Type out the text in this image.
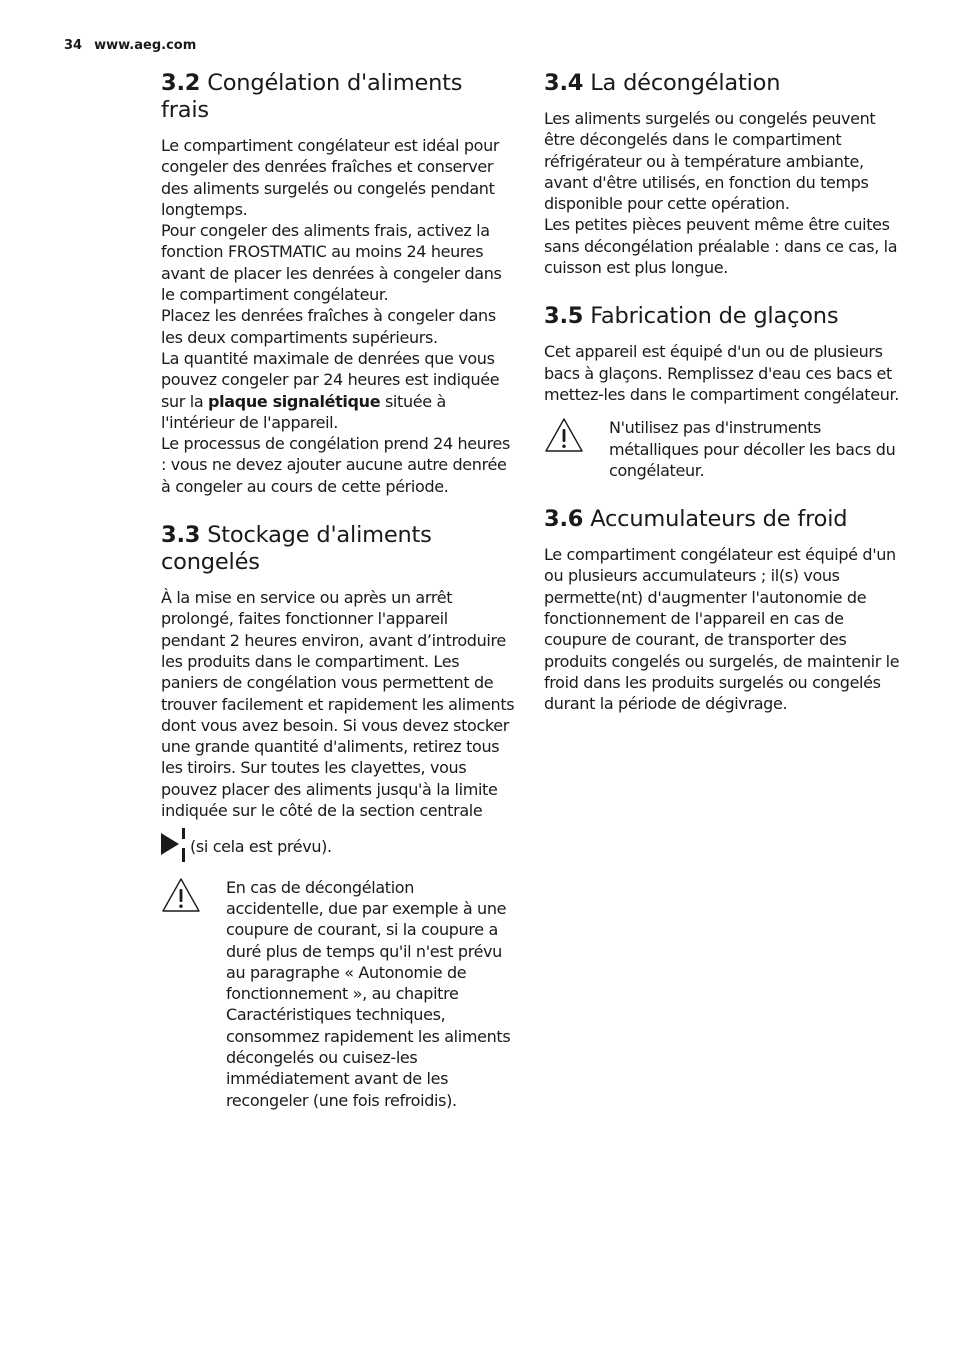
34 www.aeg.com
3.2 Congélation d'aliments frais

Le compartiment congélateur est idéal pour congeler des denrées fraîches et conserver des aliments surgelés ou congelés pendant longtemps.

Pour congeler des aliments frais, activez la fonction FROSTMATIC au moins 24 heures avant de placer les denrées à congeler dans le compartiment congélateur.

Placez les denrées fraîches à congeler dans les deux compartiments supérieurs.

La quantité maximale de denrées que vous pouvez congeler par 24 heures est indiquée sur la plaque signalétique située à l'intérieur de l'appareil.

Le processus de congélation prend 24 heures : vous ne devez ajouter aucune autre denrée à congeler au cours de cette période.

3.3 Stockage d'aliments congelés

À la mise en service ou après un arrêt prolongé, faites fonctionner l'appareil pendant 2 heures environ, avant d’introduire les produits dans le compartiment. Les paniers de congélation vous permettent de trouver facilement et rapidement les aliments dont vous avez besoin. Si vous devez stocker une grande quantité d'aliments, retirez tous les tiroirs. Sur toutes les clayettes, vous pouvez placer des aliments jusqu'à la limite indiquée sur le côté de la section centrale

(si cela est prévu).

En cas de décongélation accidentelle, due par exemple à une coupure de courant, si la coupure a duré plus de temps qu'il n'est prévu au paragraphe « Autonomie de fonctionnement », au chapitre Caractéristiques techniques, consommez rapidement les aliments décongelés ou cuisez-les immédiatement avant de les recongeler (une fois refroidis).

3.4 La décongélation

Les aliments surgelés ou congelés peuvent être décongelés dans le compartiment réfrigérateur ou à température ambiante, avant d'être utilisés, en fonction du temps disponible pour cette opération.

Les petites pièces peuvent même être cuites sans décongélation préalable : dans ce cas, la cuisson est plus longue.

3.5 Fabrication de glaçons

Cet appareil est équipé d'un ou de plusieurs bacs à glaçons. Remplissez d'eau ces bacs et mettez-les dans le compartiment congélateur.

N'utilisez pas d'instruments métalliques pour décoller les bacs du congélateur.

3.6 Accumulateurs de froid

Le compartiment congélateur est équipé d'un ou plusieurs accumulateurs ; il(s) vous permette(nt) d'augmenter l'autonomie de fonctionnement de l'appareil en cas de coupure de courant, de transporter des produits congelés ou surgelés, de maintenir le froid dans les produits surgelés ou congelés durant la période de dégivrage.
